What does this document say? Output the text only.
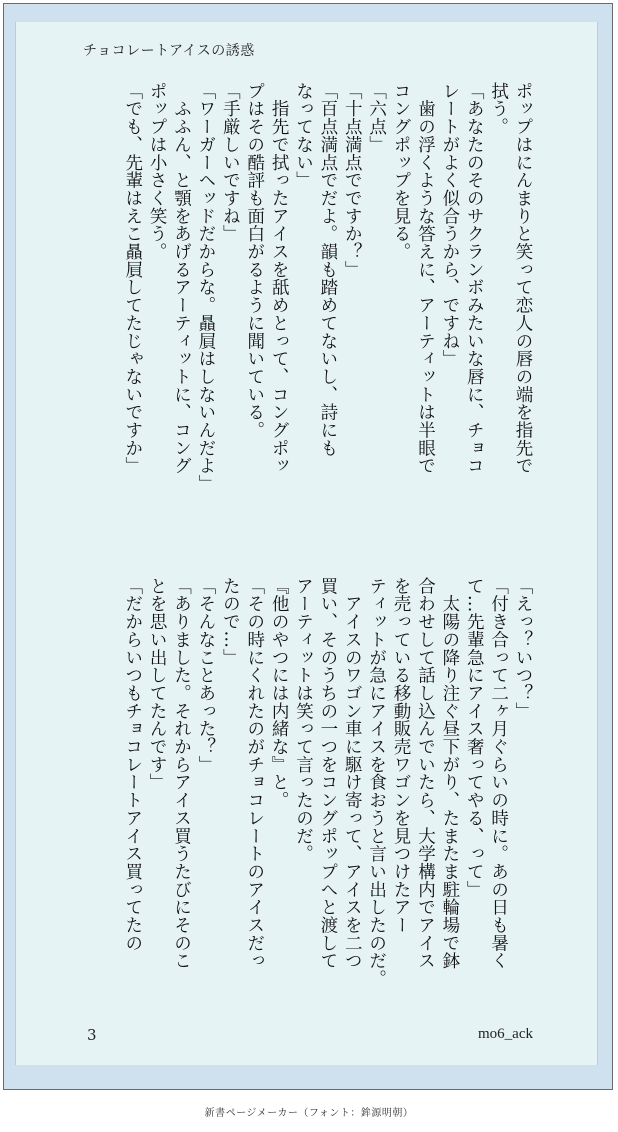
チョコレートアイスの誘惑
ポップはにんまりと笑って恋人の唇の端を指先で
拭う。
「あなたのそのサクランボみたいな唇に、チョコ
レートがよく似合うから、ですね」
　歯の浮くような答えに、アーティットは半眼で
コングポップを見る。
「六点」
「十点満点でですか？」
「百点満点でだよ。韻も踏めてないし、詩にも
なってない」
　指先で拭ったアイスを舐めとって、コングポッ
プはその酷評も面白がるように聞いている。
「手厳しいですね」
「ワーガーヘッドだからな。贔屓はしないんだよ」
　ふふん、と顎をあげるアーティットに、コング
ポップは小さく笑う。
「でも、先輩はえこ贔屓してたじゃないですか」
「えっ？いつ？」
「付き合って二ヶ月ぐらいの時に。あの日も暑く
て…先輩急にアイス奢ってやる、って」
　太陽の降り注ぐ昼下がり、たまたま駐輪場で鉢
合わせして話し込んでいたら、大学構内でアイス
を売っている移動販売ワゴンを見つけたアー
ティットが急にアイスを食おうと言い出したのだ。
　アイスのワゴン車に駆け寄って、アイスを二つ
買い、そのうちの一つをコングポップへと渡して
アーティットは笑って言ったのだ。
『他のやつには内緒な』と。
「その時にくれたのがチョコレートのアイスだっ
たので…」
「そんなことあった？」
「ありました。それからアイス買うたびにそのこ
とを思い出してたんです」
「だからいつもチョコレートアイス買ってたの
3	mo6_ack
新書ページメーカー（フォント：鉾源明朝）
